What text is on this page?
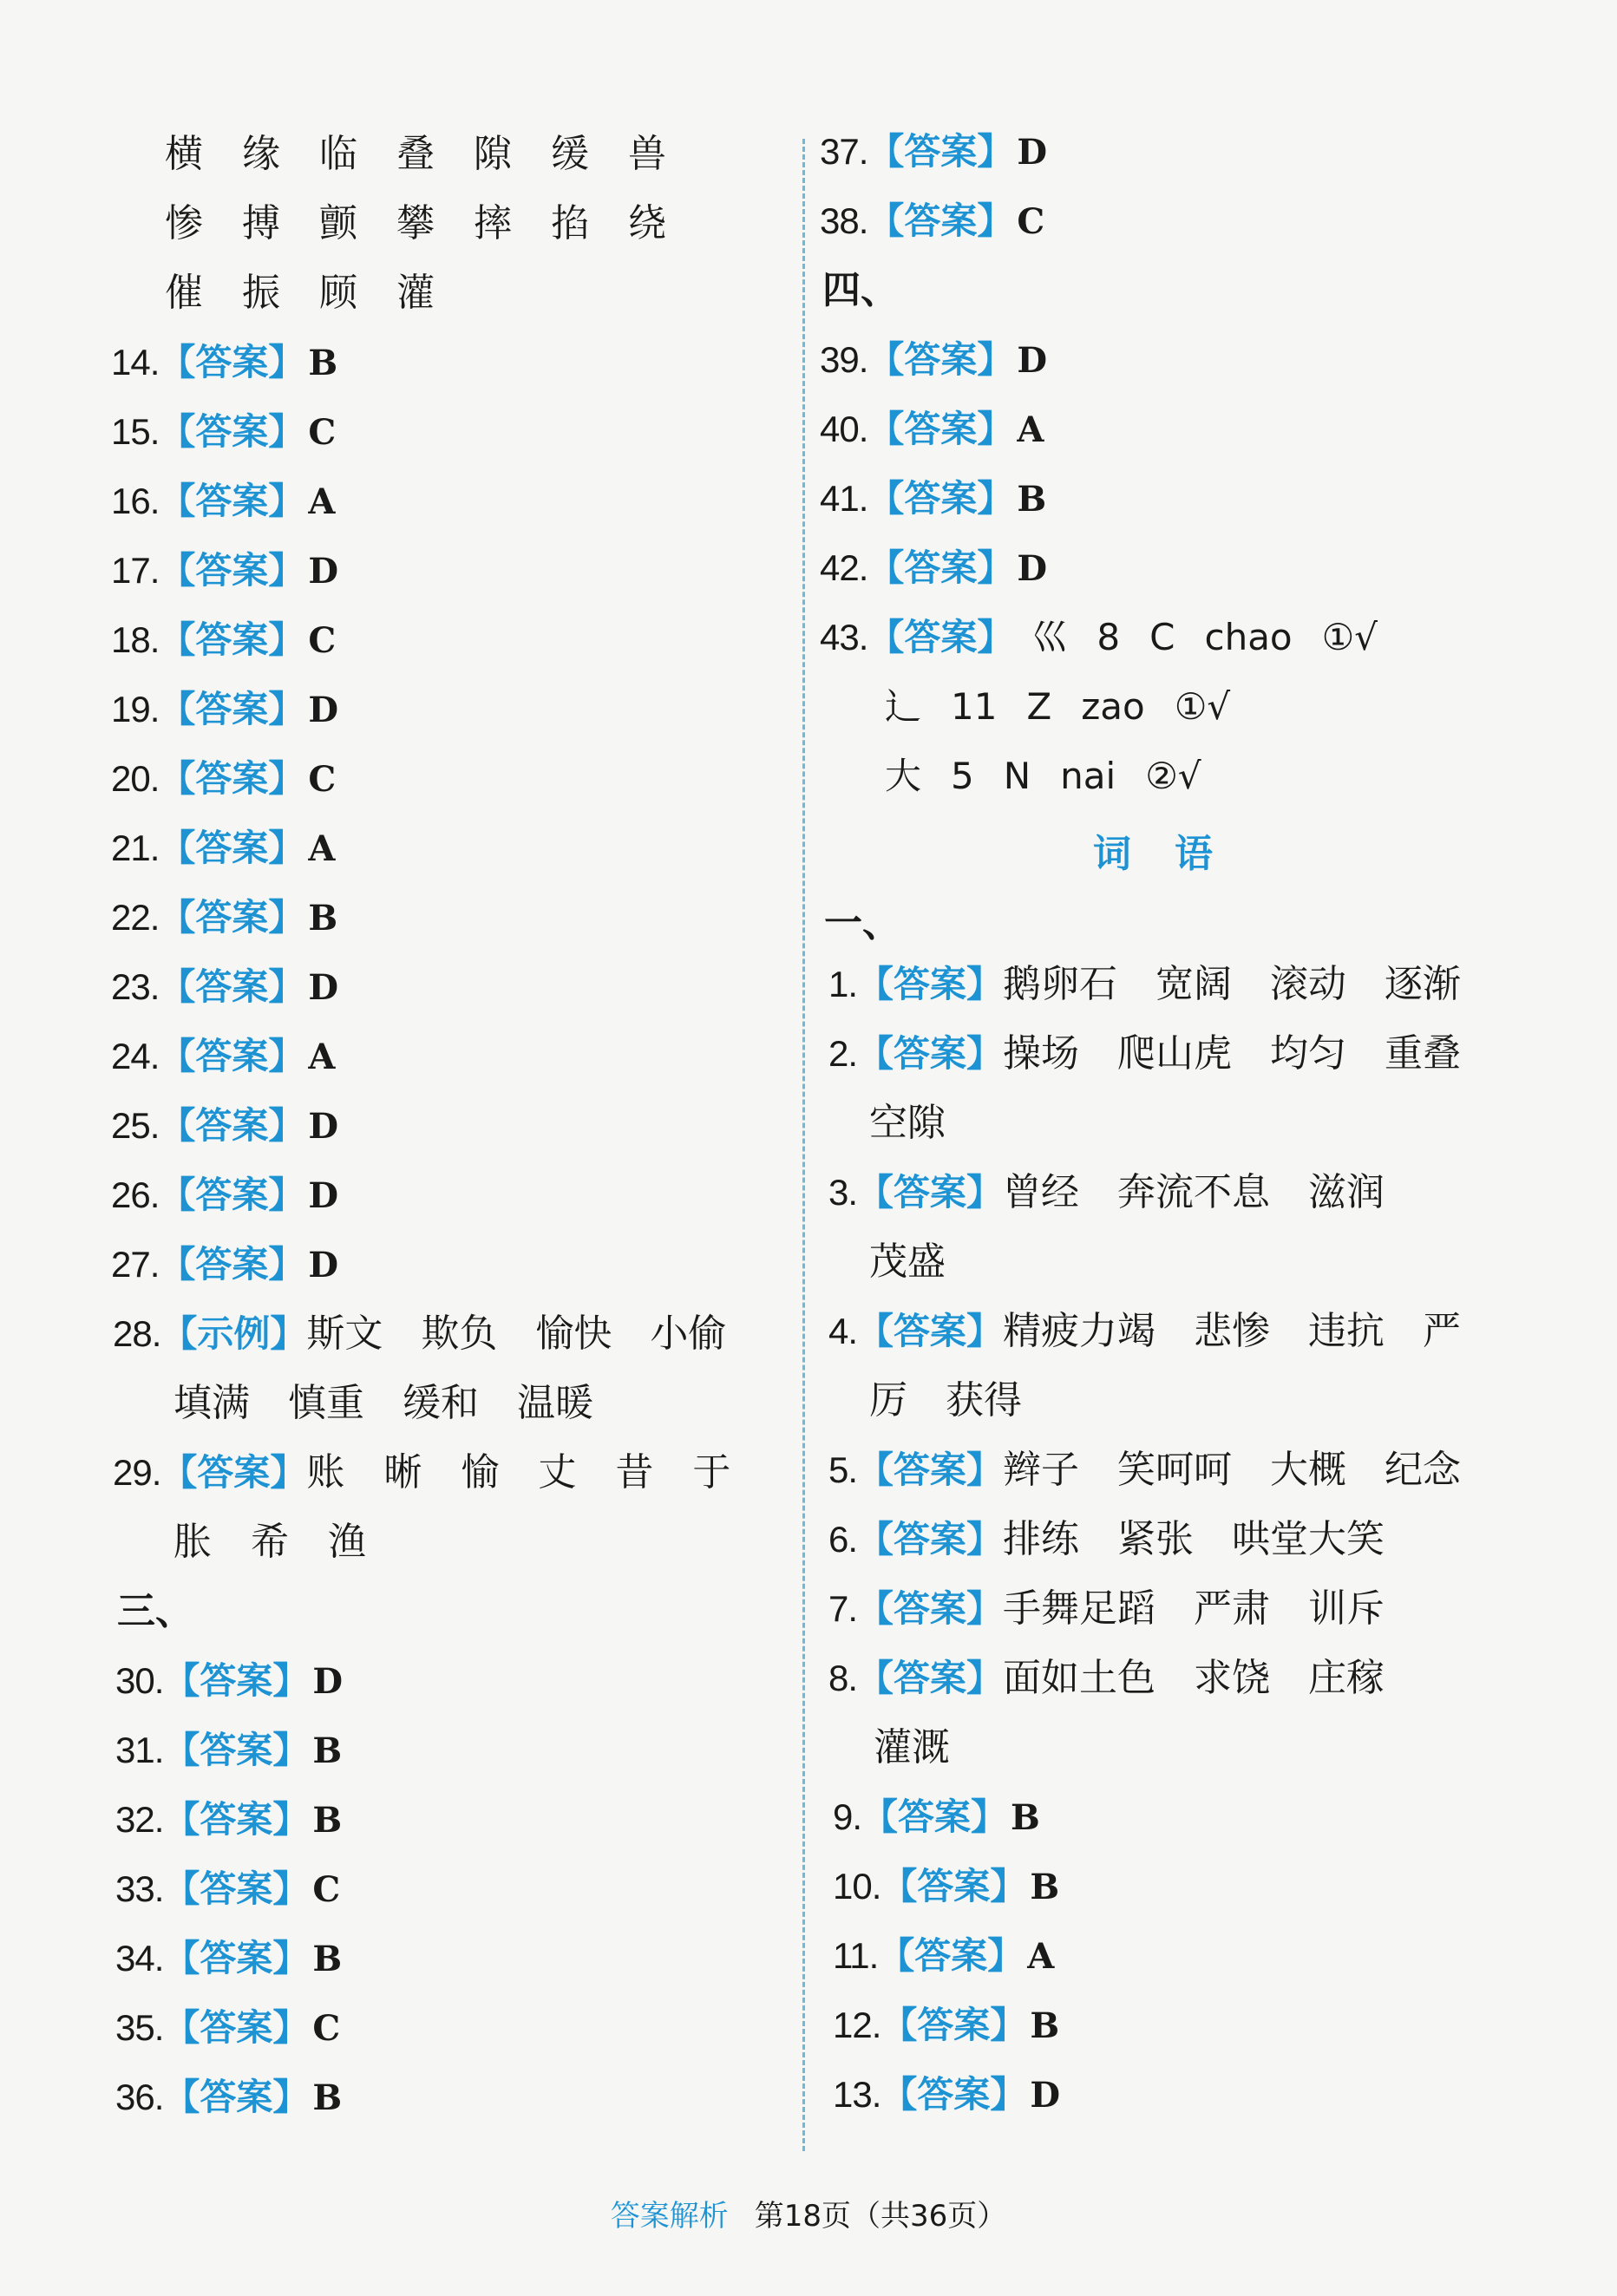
横 缘 临 叠 隙 缓 兽
惨 搏 颤 攀 摔 掐 绕
催 振 顾 灌
14.【答案】 B
15.【答案】 C
16.【答案】 A
17.【答案】 D
18.【答案】 C
19.【答案】 D
20.【答案】 C
21.【答案】 A
22.【答案】 B
23.【答案】 D
24.【答案】 A
25.【答案】 D
26.【答案】 D
27.【答案】 D
28.【示例】斯文　欺负　愉快　小偷
填满　慎重　缓和　温暖
29.【答案】账 晰 愉 丈 昔 于
胀 希 渔
三、
30.【答案】 D
31.【答案】 B
32.【答案】 B
33.【答案】 C
34.【答案】 B
35.【答案】 C
36.【答案】 B
37.【答案】 D
38.【答案】 C
四、
39.【答案】 D
40.【答案】 A
41.【答案】 B
42.【答案】 D
43.【答案】 巛 8 C chao ①√
辶 11 Z zao ①√
大 5 N nai ②√
一、
1.【答案】鹅卵石　宽阔　滚动　逐渐
2.【答案】操场　爬山虎　均匀　重叠
空隙
3.【答案】曾经　奔流不息　滋润
茂盛
4.【答案】精疲力竭　悲惨　违抗　严
厉　获得
5.【答案】辫子　笑呵呵　大概　纪念
6.【答案】排练　紧张　哄堂大笑
7.【答案】手舞足蹈　严肃　训斥
8.【答案】面如土色　求饶　庄稼
灌溉
9.【答案】 B
10.【答案】 B
11.【答案】 A
12.【答案】 B
13.【答案】 D
词语
答案解析 第18页（共36页）
